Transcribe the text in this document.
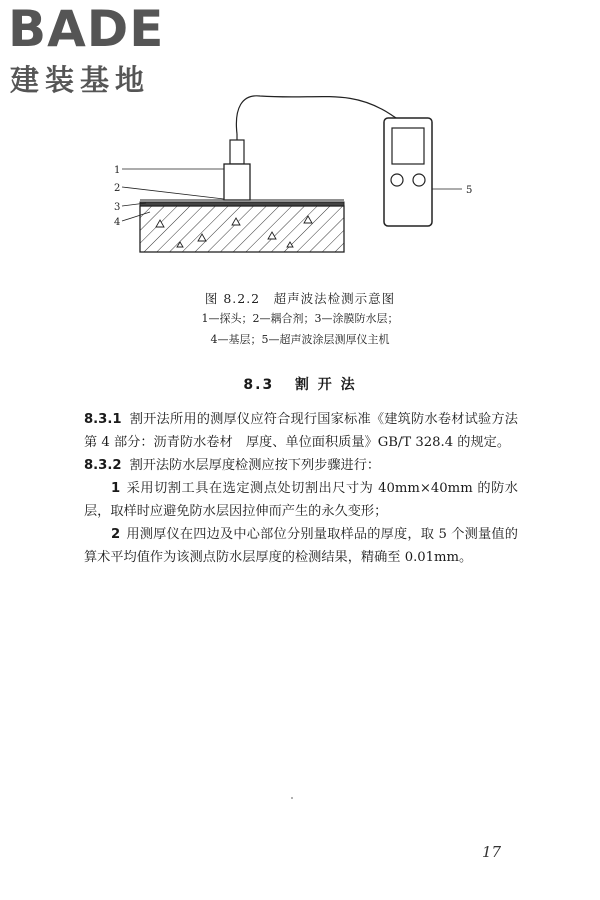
BADE
建装基地
1
2
3
4
5
图 8.2.2　超声波法检测示意图
1—探头；2—耦合剂；3—涂膜防水层；
4—基层；5—超声波涂层测厚仪主机
8.3 割 开 法

8.3.1 割开法所用的测厚仪应符合现行国家标准《建筑防水卷材试验方法　第 4 部分：沥青防水卷材　厚度、单位面积质量》GB/T 328.4 的规定。

8.3.2 割开法防水层厚度检测应按下列步骤进行：

1 采用切割工具在选定测点处切割出尺寸为 40mm×40mm 的防水层，取样时应避免防水层因拉伸而产生的永久变形；

2 用测厚仪在四边及中心部位分别量取样品的厚度，取 5 个测量值的算术平均值作为该测点防水层厚度的检测结果，精确至 0.01mm。

17
